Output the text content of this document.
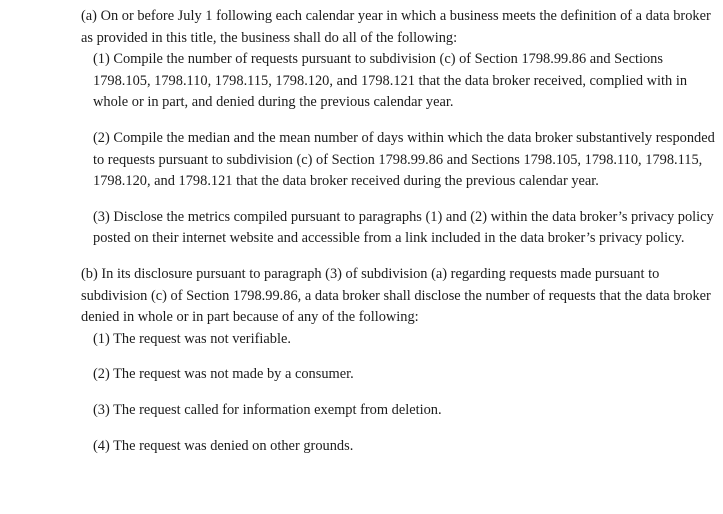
(a) On or before July 1 following each calendar year in which a business meets the definition of a data broker as provided in this title, the business shall do all of the following:

(1) Compile the number of requests pursuant to subdivision (c) of Section 1798.99.86 and Sections 1798.105, 1798.110, 1798.115, 1798.120, and 1798.121 that the data broker received, complied with in whole or in part, and denied during the previous calendar year.

(2) Compile the median and the mean number of days within which the data broker substantively responded to requests pursuant to subdivision (c) of Section 1798.99.86 and Sections 1798.105, 1798.110, 1798.115, 1798.120, and 1798.121 that the data broker received during the previous calendar year.

(3) Disclose the metrics compiled pursuant to paragraphs (1) and (2) within the data broker’s privacy policy posted on their internet website and accessible from a link included in the data broker’s privacy policy.

(b) In its disclosure pursuant to paragraph (3) of subdivision (a) regarding requests made pursuant to subdivision (c) of Section 1798.99.86, a data broker shall disclose the number of requests that the data broker denied in whole or in part because of any of the following:

(1) The request was not verifiable.

(2) The request was not made by a consumer.

(3) The request called for information exempt from deletion.

(4) The request was denied on other grounds.
